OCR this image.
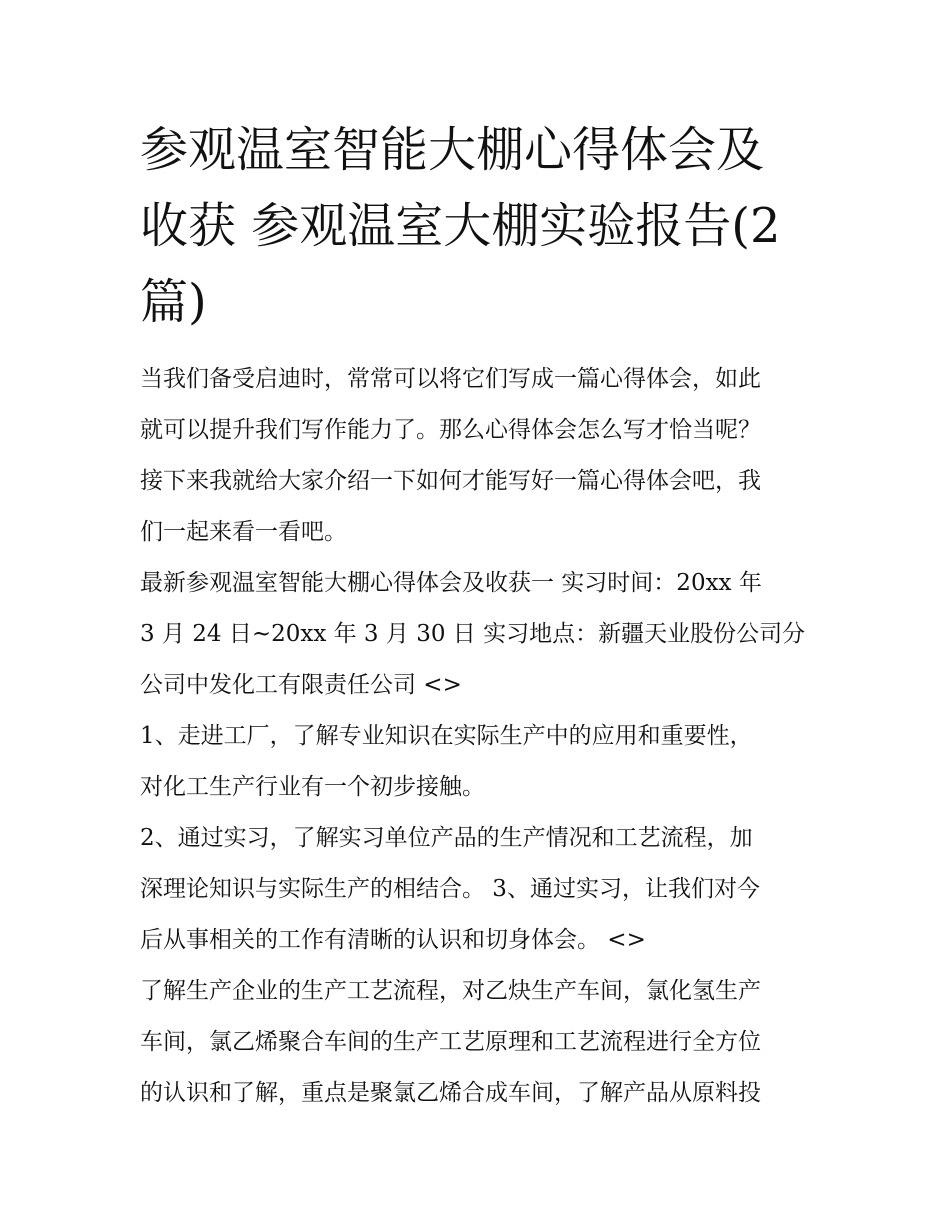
参观温室智能大棚心得体会及
收获 参观温室大棚实验报告(2
篇)

当我们备受启迪时，常常可以将它们写成一篇心得体会，如此

就可以提升我们写作能力了。那么心得体会怎么写才恰当呢？

接下来我就给大家介绍一下如何才能写好一篇心得体会吧，我

们一起来看一看吧。

最新参观温室智能大棚心得体会及收获一 实习时间：20xx 年

3 月 24 日~20xx 年 3 月 30 日 实习地点：新疆天业股份公司分

公司中发化工有限责任公司 <>

1、走进工厂，了解专业知识在实际生产中的应用和重要性，

对化工生产行业有一个初步接触。

2、通过实习，了解实习单位产品的生产情况和工艺流程，加

深理论知识与实际生产的相结合。 3、通过实习，让我们对今

后从事相关的工作有清晰的认识和切身体会。 <>

了解生产企业的生产工艺流程，对乙炔生产车间，氯化氢生产

车间，氯乙烯聚合车间的生产工艺原理和工艺流程进行全方位

的认识和了解，重点是聚氯乙烯合成车间，了解产品从原料投
